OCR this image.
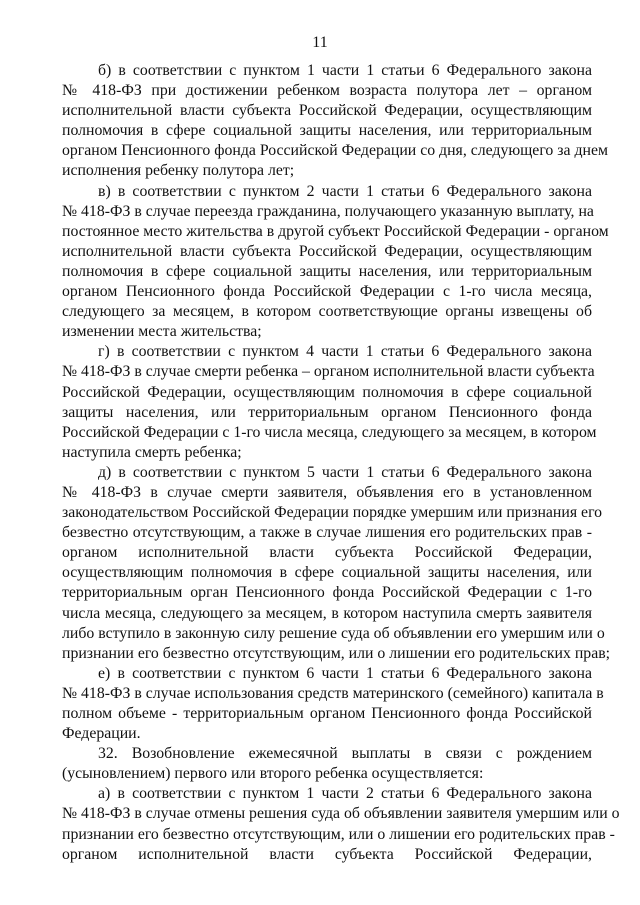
11
б) в соответствии с пунктом 1 части 1 статьи 6 Федерального закона
№ 418-ФЗ при достижении ребенком возраста полутора лет – органом
исполнительной власти субъекта Российской Федерации, осуществляющим
полномочия в сфере социальной защиты населения, или территориальным
органом Пенсионного фонда Российской Федерации со дня, следующего за днем
исполнения ребенку полутора лет;
в) в соответствии с пунктом 2 части 1 статьи 6 Федерального закона
№ 418-ФЗ в случае переезда гражданина, получающего указанную выплату, на
постоянное место жительства в другой субъект Российской Федерации - органом
исполнительной власти субъекта Российской Федерации, осуществляющим
полномочия в сфере социальной защиты населения, или территориальным
органом Пенсионного фонда Российской Федерации с 1-го числа месяца,
следующего за месяцем, в котором соответствующие органы извещены об
изменении места жительства;
г) в соответствии с пунктом 4 части 1 статьи 6 Федерального закона
№ 418-ФЗ в случае смерти ребенка – органом исполнительной власти субъекта
Российской Федерации, осуществляющим полномочия в сфере социальной
защиты населения, или территориальным органом Пенсионного фонда
Российской Федерации с 1-го числа месяца, следующего за месяцем, в котором
наступила смерть ребенка;
д) в соответствии с пунктом 5 части 1 статьи 6 Федерального закона
№ 418-ФЗ в случае смерти заявителя, объявления его в установленном
законодательством Российской Федерации порядке умершим или признания его
безвестно отсутствующим, а также в случае лишения его родительских прав -
органом исполнительной власти субъекта Российской Федерации,
осуществляющим полномочия в сфере социальной защиты населения, или
территориальным орган Пенсионного фонда Российской Федерации с 1-го
числа месяца, следующего за месяцем, в котором наступила смерть заявителя
либо вступило в законную силу решение суда об объявлении его умершим или о
признании его безвестно отсутствующим, или о лишении его родительских прав;
е) в соответствии с пунктом 6 части 1 статьи 6 Федерального закона
№ 418-ФЗ в случае использования средств материнского (семейного) капитала в
полном объеме - территориальным органом Пенсионного фонда Российской
Федерации.
32. Возобновление ежемесячной выплаты в связи с рождением
(усыновлением) первого или второго ребенка осуществляется:
а) в соответствии с пунктом 1 части 2 статьи 6 Федерального закона
№ 418-ФЗ в случае отмены решения суда об объявлении заявителя умершим или о
признании его безвестно отсутствующим, или о лишении его родительских прав -
органом исполнительной власти субъекта Российской Федерации,
